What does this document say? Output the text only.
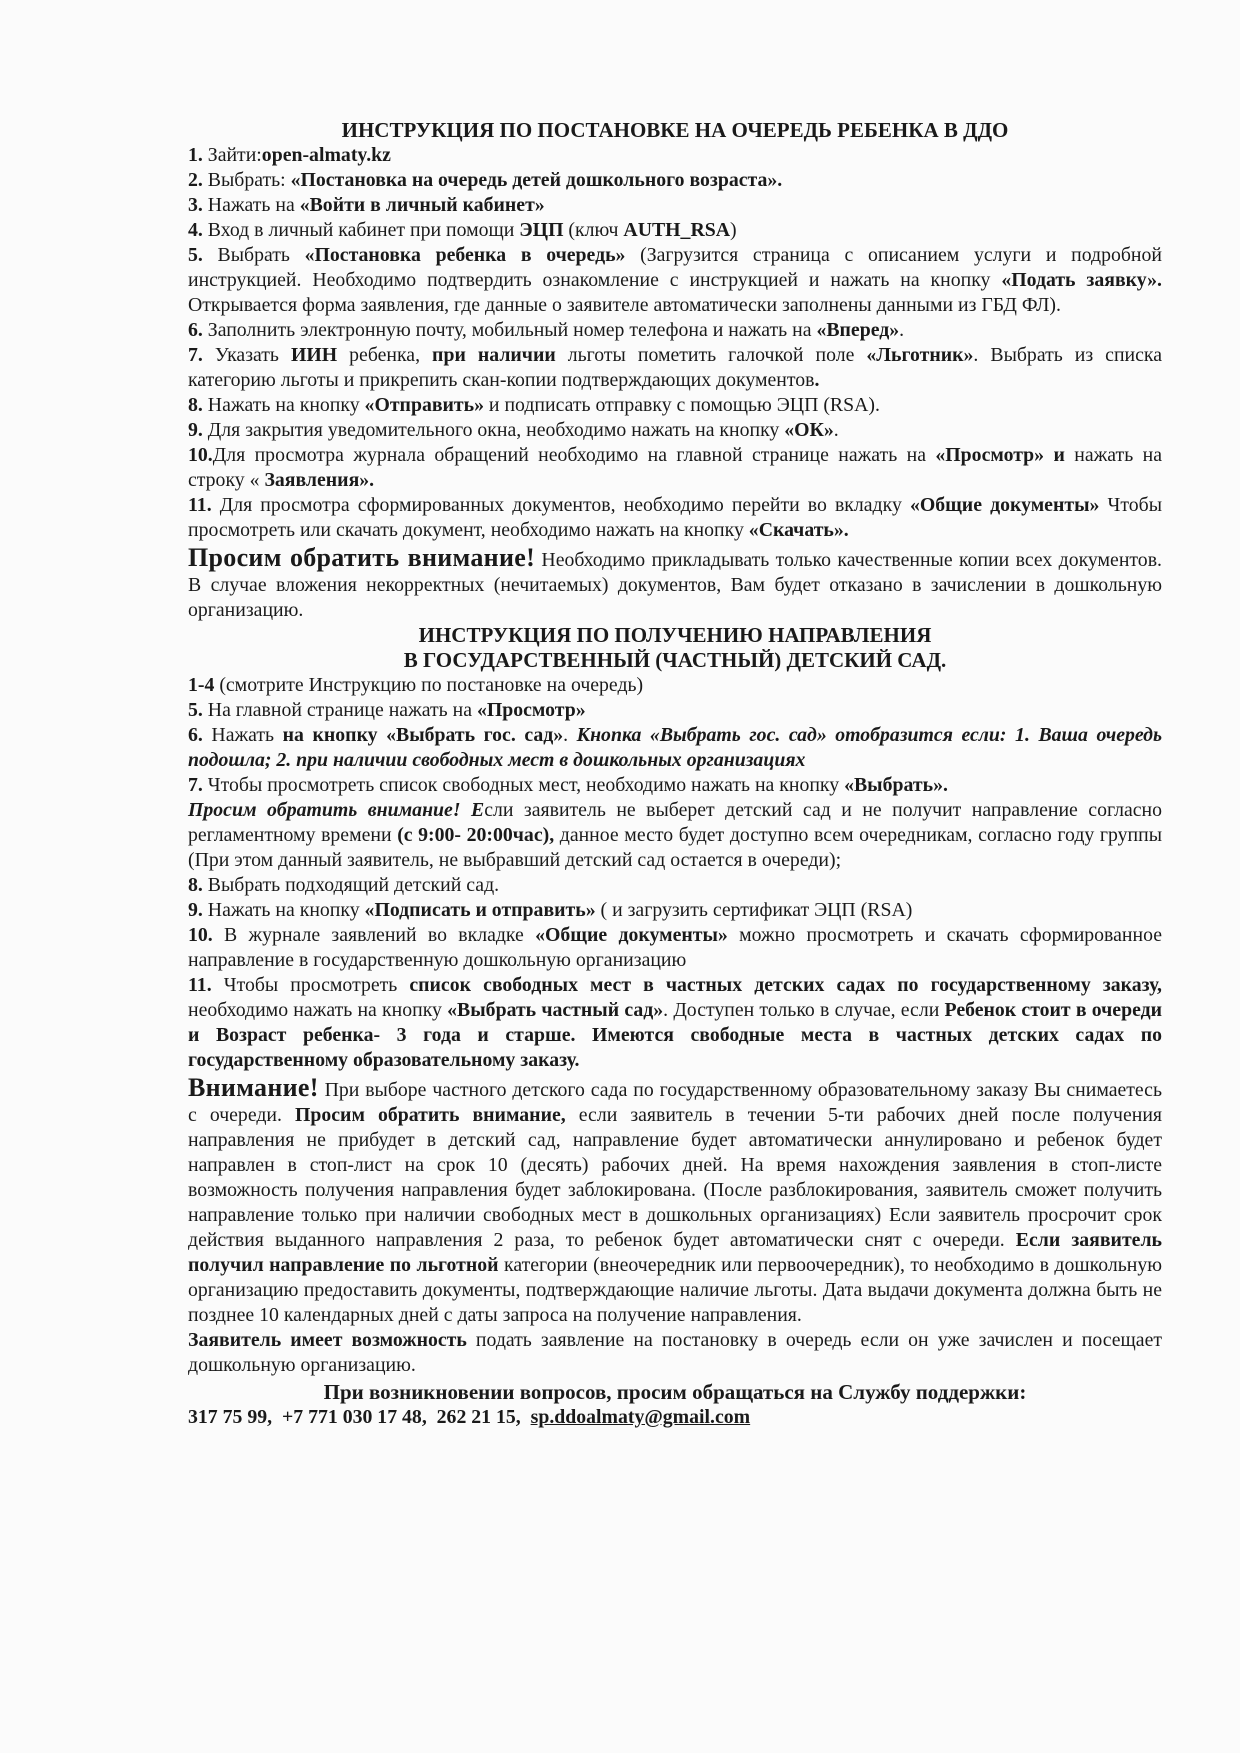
ИНСТРУКЦИЯ ПО ПОСТАНОВКЕ НА ОЧЕРЕДЬ РЕБЕНКА В ДДО

1. Зайти:open-almaty.kz

2. Выбрать: «Постановка на очередь детей дошкольного возраста».

3. Нажать на «Войти в личный кабинет»

4. Вход в личный кабинет при помощи ЭЦП (ключ AUTH_RSA)

5. Выбрать «Постановка ребенка в очередь» (Загрузится страница с описанием услуги и подробной инструкцией. Необходимо подтвердить ознакомление с инструкцией и нажать на кнопку «Подать заявку». Открывается форма заявления, где данные о заявителе автоматически заполнены данными из ГБД ФЛ).

6. Заполнить электронную почту, мобильный номер телефона и нажать на «Вперед».

7. Указать ИИН ребенка, при наличии льготы пометить галочкой поле «Льготник». Выбрать из списка категорию льготы и прикрепить скан-копии подтверждающих документов.

8. Нажать на кнопку «Отправить» и подписать отправку с помощью ЭЦП (RSA).

9. Для закрытия уведомительного окна, необходимо нажать на кнопку «ОК».

10.Для просмотра журнала обращений необходимо на главной странице нажать на «Просмотр» и нажать на строку « Заявления».

11. Для просмотра сформированных документов, необходимо перейти во вкладку «Общие документы» Чтобы просмотреть или скачать документ, необходимо нажать на кнопку «Скачать».

Просим обратить внимание! Необходимо прикладывать только качественные копии всех документов. В случае вложения некорректных (нечитаемых) документов, Вам будет отказано в зачислении в дошкольную организацию.

ИНСТРУКЦИЯ ПО ПОЛУЧЕНИЮ НАПРАВЛЕНИЯ
В ГОСУДАРСТВЕННЫЙ (ЧАСТНЫЙ) ДЕТСКИЙ САД.

1-4 (смотрите Инструкцию по постановке на очередь)

5. На главной странице нажать на «Просмотр»

6. Нажать на кнопку «Выбрать гос. сад». Кнопка «Выбрать гос. сад» отобразится если: 1. Ваша очередь подошла; 2. при наличии свободных мест в дошкольных организациях

7. Чтобы просмотреть список свободных мест, необходимо нажать на кнопку «Выбрать».

Просим обратить внимание! Если заявитель не выберет детский сад и не получит направление согласно регламентному времени (с 9:00- 20:00час), данное место будет доступно всем очередникам, согласно году группы (При этом данный заявитель, не выбравший детский сад остается в очереди);

8. Выбрать подходящий детский сад.

9. Нажать на кнопку «Подписать и отправить» ( и загрузить сертификат ЭЦП (RSA)

10. В журнале заявлений во вкладке «Общие документы» можно просмотреть и скачать сформированное направление в государственную дошкольную организацию

11. Чтобы просмотреть список свободных мест в частных детских садах по государственному заказу, необходимо нажать на кнопку «Выбрать частный сад». Доступен только в случае, если Ребенок стоит в очереди и Возраст ребенка- 3 года и старше. Имеются свободные места в частных детских садах по государственному образовательному заказу.

Внимание! При выборе частного детского сада по государственному образовательному заказу Вы снимаетесь с очереди. Просим обратить внимание, если заявитель в течении 5-ти рабочих дней после получения направления не прибудет в детский сад, направление будет автоматически аннулировано и ребенок будет направлен в стоп-лист на срок 10 (десять) рабочих дней. На время нахождения заявления в стоп-листе возможность получения направления будет заблокирована. (После разблокирования, заявитель сможет получить направление только при наличии свободных мест в дошкольных организациях) Если заявитель просрочит срок действия выданного направления 2 раза, то ребенок будет автоматически снят с очереди. Если заявитель получил направление по льготной категории (внеочередник или первоочередник), то необходимо в дошкольную организацию предоставить документы, подтверждающие наличие льготы. Дата выдачи документа должна быть не позднее 10 календарных дней с даты запроса на получение направления.

Заявитель имеет возможность подать заявление на постановку в очередь если он уже зачислен и посещает дошкольную организацию.

При возникновении вопросов, просим обращаться на Службу поддержки:

317 75 99, +7 771 030 17 48, 262 21 15, sp.ddoalmaty@gmail.com
